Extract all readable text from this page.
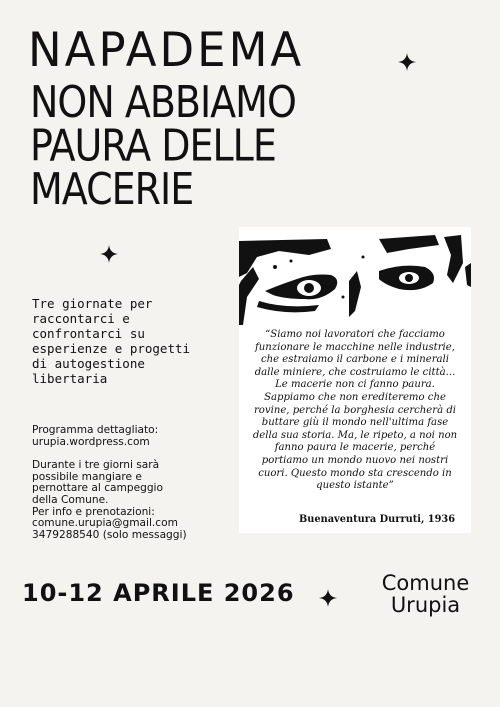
NAPADEMA
NON ABBIAMO
PAURA DELLE
MACERIE

Tre giornate per
raccontarci e
confrontarci su
esperienze e progetti
di autogestione
libertaria

Programma dettagliato:

urupia.wordpress.com

Durante i tre giorni sarà

possibile mangiare e

pernottare al campeggio

della Comune.

Per info e prenotazioni:

comune.urupia@gmail.com

3479288540 (solo messaggi)

“Siamo noi lavoratori che facciamo
funzionare le macchine nelle industrie,
che estraiamo il carbone e i minerali
dalle miniere, che costruiamo le città...
Le macerie non ci fanno paura.
Sappiamo che non erediteremo che
rovine, perché la borghesia cercherà di
buttare giù il mondo nell'ultima fase
della sua storia. Ma, le ripeto, a noi non
fanno paura le macerie, perché
portiamo un mondo nuovo nei nostri
cuori. Questo mondo sta crescendo in
questo istante”

Buenaventura Durruti, 1936
10-12 APRILE 2026	Comune
Urupia
